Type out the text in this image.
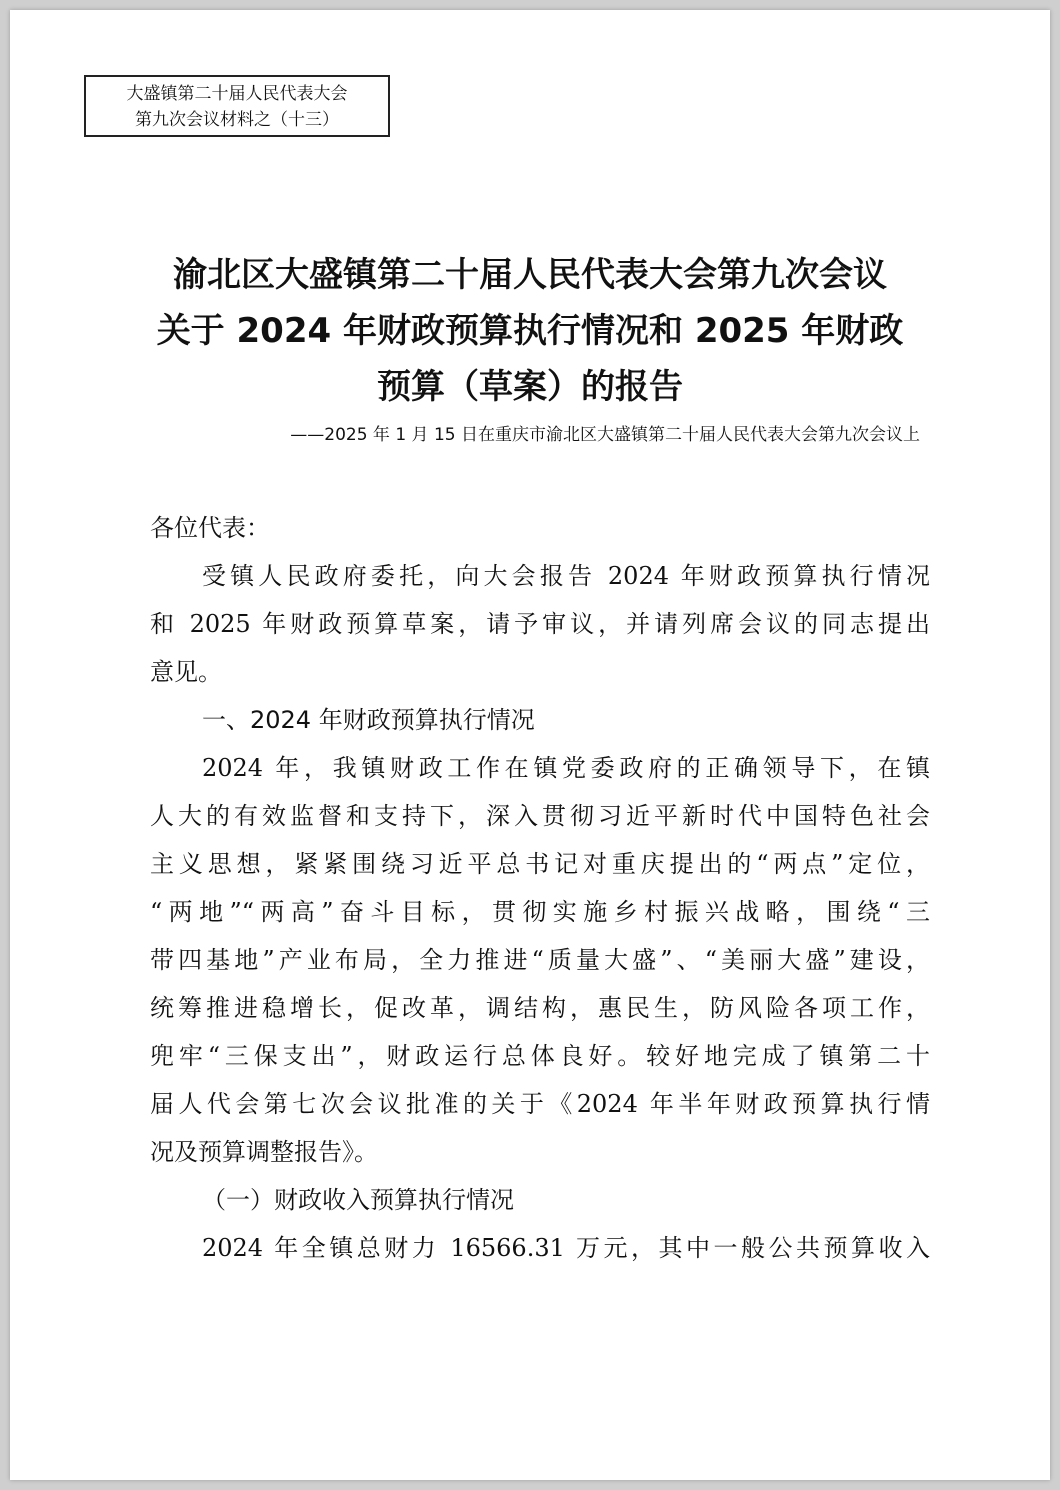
大盛镇第二十届人民代表大会
第九次会议材料之（十三）
渝北区大盛镇第二十届人民代表大会第九次会议
关于 2024 年财政预算执行情况和 2025 年财政
预算（草案）的报告
——2025 年 1 月 15 日在重庆市渝北区大盛镇第二十届人民代表大会第九次会议上
各位代表：
受镇人民政府委托，向大会报告 2024 年财政预算执行情况
和 2025 年财政预算草案，请予审议，并请列席会议的同志提出
意见。
一、2024 年财政预算执行情况
2024 年，我镇财政工作在镇党委政府的正确领导下，在镇
人大的有效监督和支持下，深入贯彻习近平新时代中国特色社会
主义思想，紧紧围绕习近平总书记对重庆提出的“两点”定位，
“两地”“两高”奋斗目标，贯彻实施乡村振兴战略，围绕“三
带四基地”产业布局，全力推进“质量大盛”、“美丽大盛”建设，
统筹推进稳增长，促改革，调结构，惠民生，防风险各项工作，
兜牢“三保支出”，财政运行总体良好。较好地完成了镇第二十
届人代会第七次会议批准的关于《2024 年半年财政预算执行情
况及预算调整报告》。
（一）财政收入预算执行情况
2024 年全镇总财力 16566.31 万元，其中一般公共预算收入
